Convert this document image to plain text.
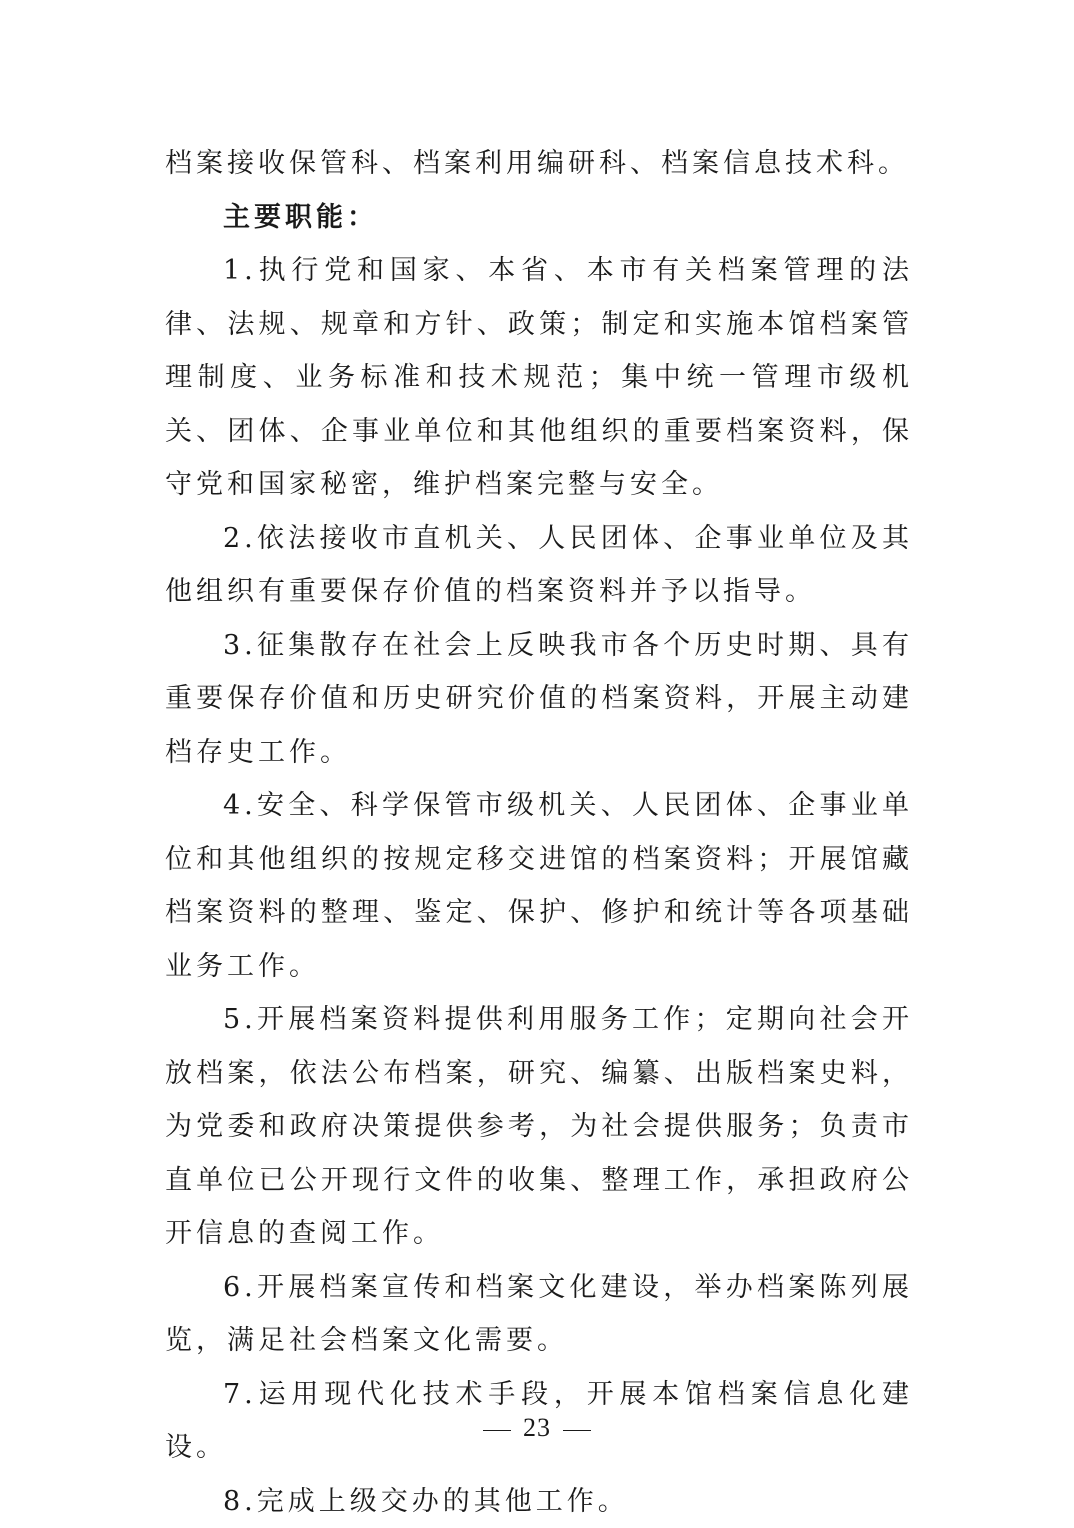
档案接收保管科、档案利用编研科、档案信息技术科。

主要职能：

1.执行党和国家、本省、本市有关档案管理的法律、法规、规章和方针、政策；制定和实施本馆档案管理制度、业务标准和技术规范；集中统一管理市级机关、团体、企事业单位和其他组织的重要档案资料，保守党和国家秘密，维护档案完整与安全。

2.依法接收市直机关、人民团体、企事业单位及其他组织有重要保存价值的档案资料并予以指导。

3.征集散存在社会上反映我市各个历史时期、具有重要保存价值和历史研究价值的档案资料，开展主动建档存史工作。

4.安全、科学保管市级机关、人民团体、企事业单位和其他组织的按规定移交进馆的档案资料；开展馆藏档案资料的整理、鉴定、保护、修护和统计等各项基础业务工作。

5.开展档案资料提供利用服务工作；定期向社会开放档案，依法公布档案，研究、编纂、出版档案史料，为党委和政府决策提供参考，为社会提供服务；负责市直单位已公开现行文件的收集、整理工作，承担政府公开信息的查阅工作。

6.开展档案宣传和档案文化建设，举办档案陈列展览，满足社会档案文化需要。

7.运用现代化技术手段，开展本馆档案信息化建设。

8.完成上级交办的其他工作。

23
